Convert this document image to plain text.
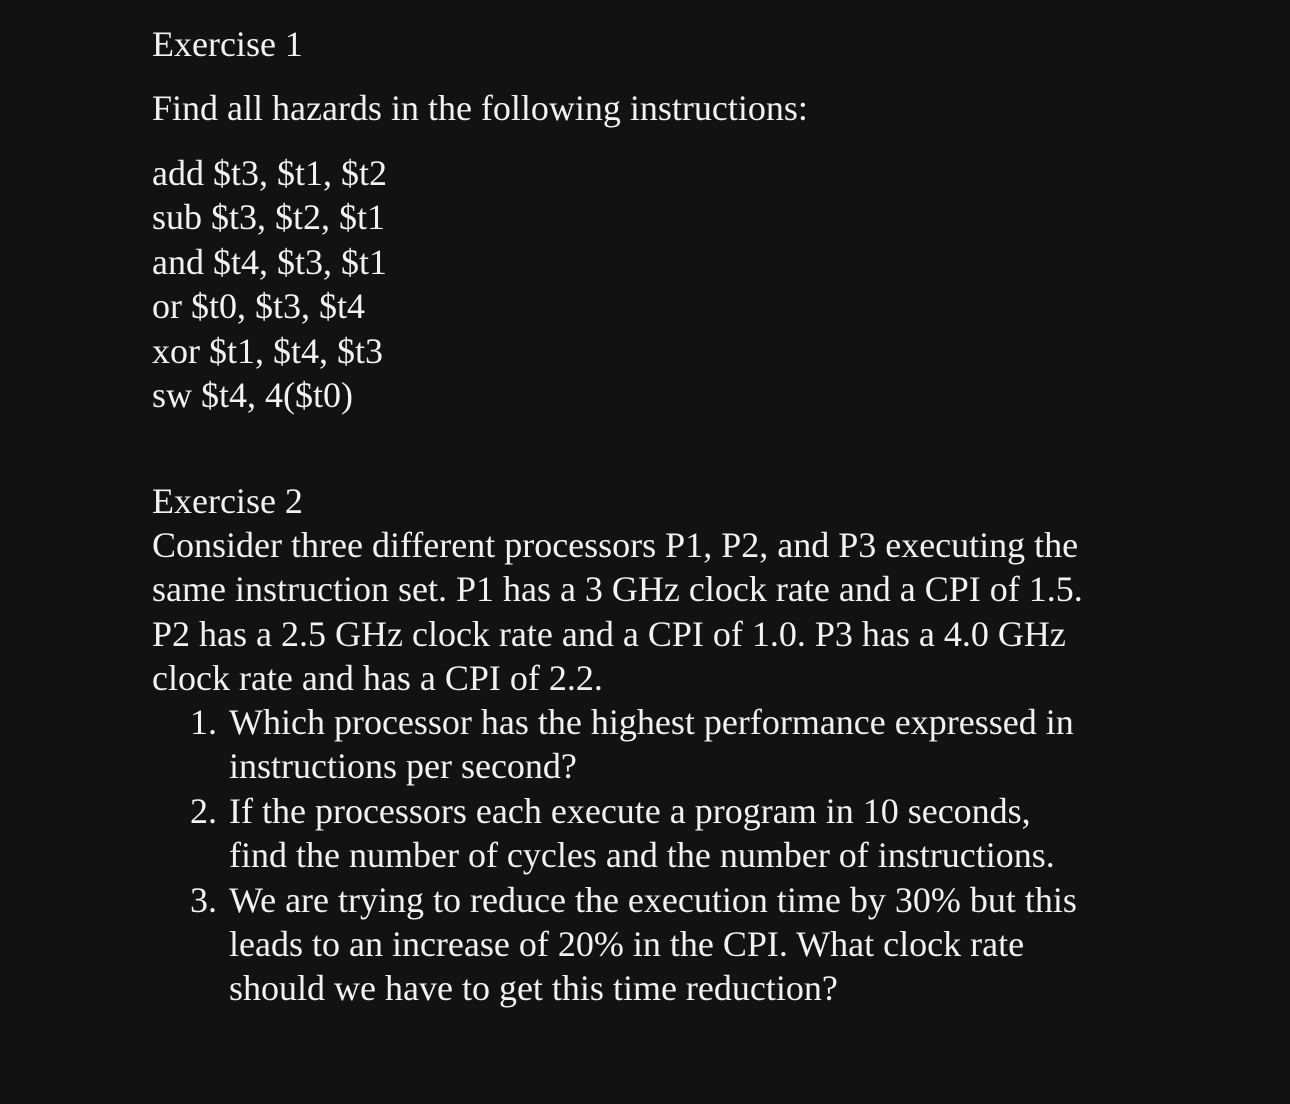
Exercise 1
Find all hazards in the following instructions:
add $t3, $t1, $t2
sub $t3, $t2, $t1
and $t4, $t3, $t1
or $t0, $t3, $t4
xor $t1, $t4, $t3
sw $t4, 4($t0)
Exercise 2
Consider three different processors P1, P2, and P3 executing the
same instruction set. P1 has a 3 GHz clock rate and a CPI of 1.5.
P2 has a 2.5 GHz clock rate and a CPI of 1.0. P3 has a 4.0 GHz
clock rate and has a CPI of 2.2.
1. Which processor has the highest performance expressed in
instructions per second?
2. If the processors each execute a program in 10 seconds,
find the number of cycles and the number of instructions.
3. We are trying to reduce the execution time by 30% but this
leads to an increase of 20% in the CPI. What clock rate
should we have to get this time reduction?
